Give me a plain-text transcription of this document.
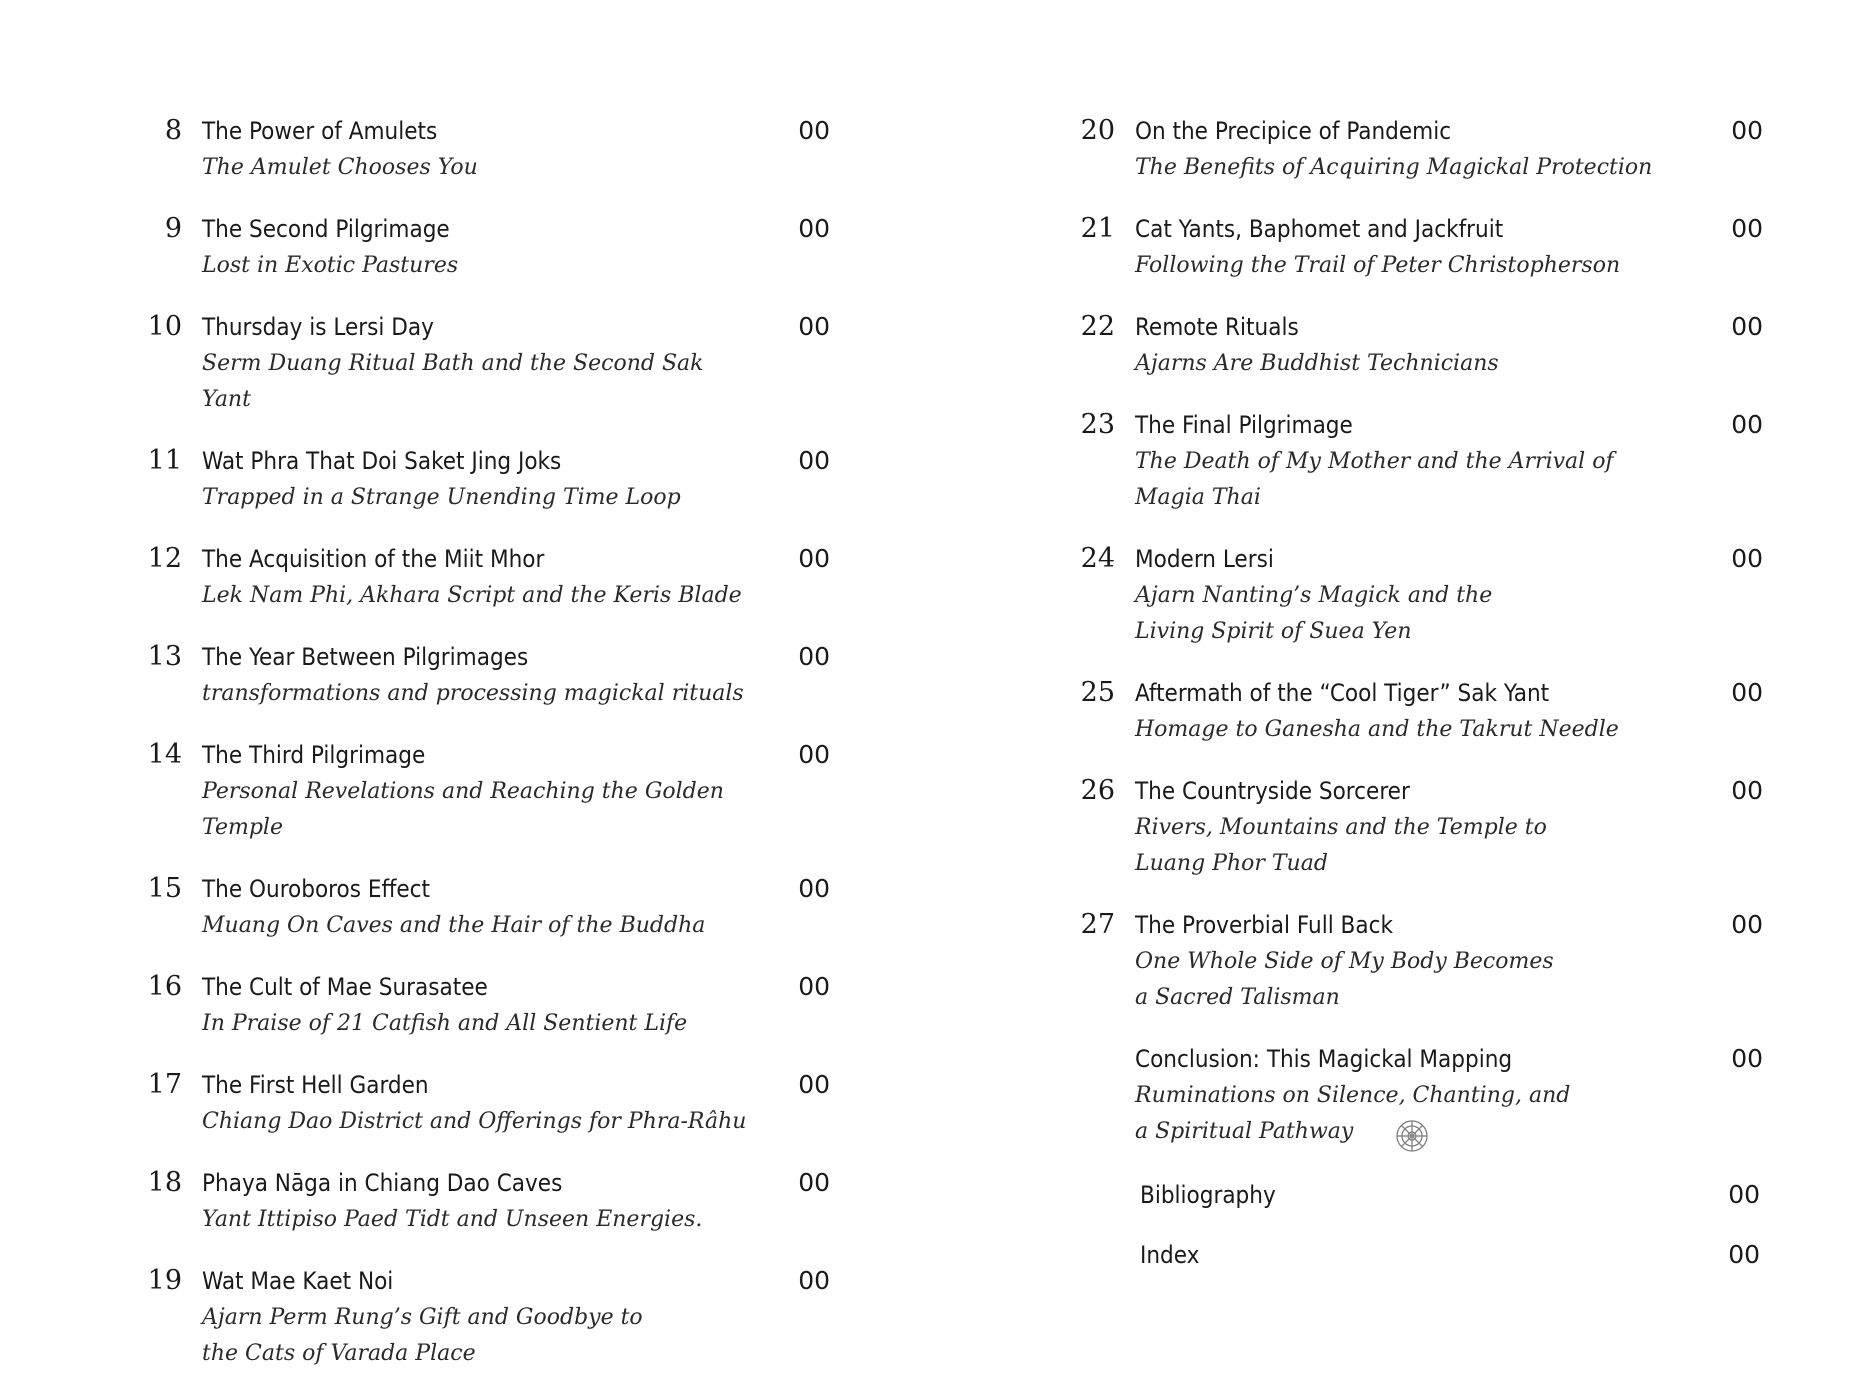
8 The Power of Amulets
The Amulet Chooses You
00
9 The Second Pilgrimage
Lost in Exotic Pastures
00
10 Thursday is Lersi Day
Serm Duang Ritual Bath and the Second Sak Yant
00
11 Wat Phra That Doi Saket Jing Joks
Trapped in a Strange Unending Time Loop
00
12 The Acquisition of the Miit Mhor
Lek Nam Phi, Akhara Script and the Keris Blade
00
13 The Year Between Pilgrimages
transformations and processing magickal rituals
00
14 The Third Pilgrimage
Personal Revelations and Reaching the Golden Temple
00
15 The Ouroboros Effect
Muang On Caves and the Hair of the Buddha
00
16 The Cult of Mae Surasatee
In Praise of 21 Catfish and All Sentient Life
00
17 The First Hell Garden
Chiang Dao District and Offerings for Phra-Râhu
00
18 Phaya Nāga in Chiang Dao Caves
Yant Ittipiso Paed Tidt and Unseen Energies.
00
19 Wat Mae Kaet Noi
Ajarn Perm Rung’s Gift and Goodbye to
the Cats of Varada Place
00
20 On the Precipice of Pandemic
The Benefits of Acquiring Magickal Protection
00
21 Cat Yants, Baphomet and Jackfruit
Following the Trail of Peter Christopherson
00
22 Remote Rituals
Ajarns Are Buddhist Technicians
00
23 The Final Pilgrimage
The Death of My Mother and the Arrival of Magia Thai
00
24 Modern Lersi
Ajarn Nanting’s Magick and the
Living Spirit of Suea Yen
00
25 Aftermath of the “Cool Tiger” Sak Yant
Homage to Ganesha and the Takrut Needle
00
26 The Countryside Sorcerer
Rivers, Mountains and the Temple to
Luang Phor Tuad
00
27 The Proverbial Full Back
One Whole Side of My Body Becomes
a Sacred Talisman
00
Conclusion: This Magickal Mapping
Ruminations on Silence, Chanting, and
a Spiritual Pathway
00
Bibliography	00
Index	00
